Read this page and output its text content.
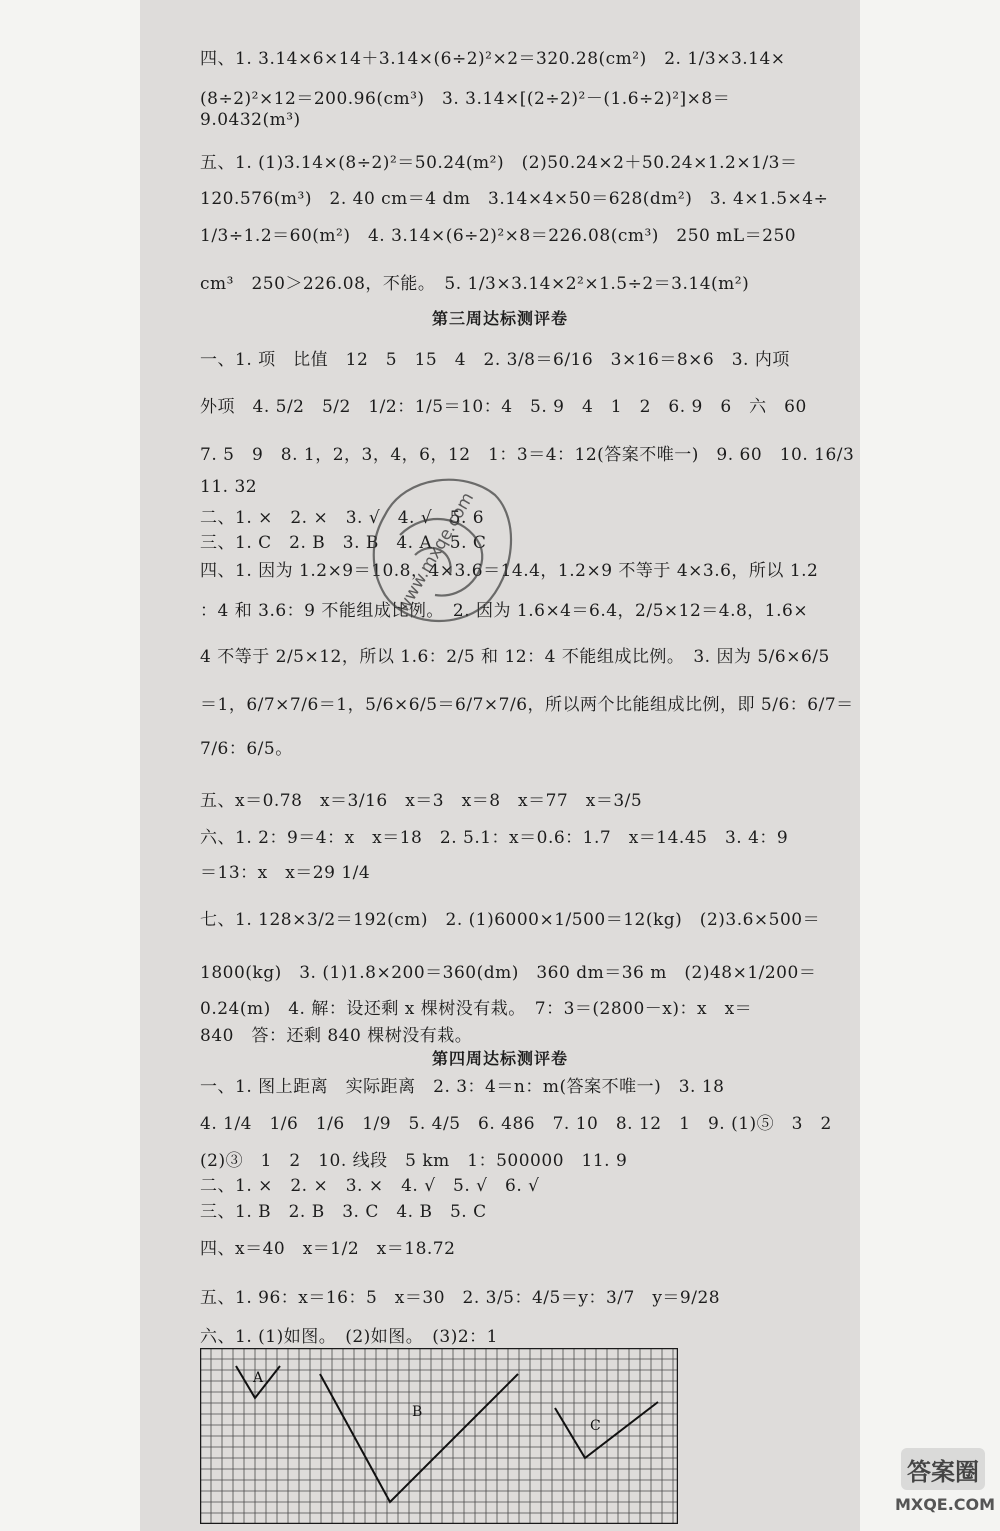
四、1. 3.14×6×14＋3.14×(6÷2)²×2＝320.28(cm²)　2. 1/3×3.14×
(8÷2)²×12＝200.96(cm³)　3. 3.14×[(2÷2)²－(1.6÷2)²]×8＝
9.0432(m³)
五、1. (1)3.14×(8÷2)²＝50.24(m²)　(2)50.24×2＋50.24×1.2×1/3＝
120.576(m³)　2. 40 cm＝4 dm　3.14×4×50＝628(dm²)　3. 4×1.5×4÷
1/3÷1.2＝60(m²)　4. 3.14×(6÷2)²×8＝226.08(cm³)　250 mL＝250
cm³　250＞226.08，不能。　5. 1/3×3.14×2²×1.5÷2＝3.14(m²)
第三周达标测评卷
一、1. 项　比值　12　5　15　4　2. 3/8＝6/16　3×16＝8×6　3. 内项
外项　4. 5/2　5/2　1/2：1/5＝10：4　5. 9　4　1　2　6. 9　6　六　60
7. 5　9　8. 1，2，3，4，6，12　1：3＝4：12(答案不唯一)　9. 60　10. 16/3
11. 32
二、1. ×　2. ×　3. √　4. √　5. 6
三、1. C　2. B　3. B　4. A　5. C
四、1. 因为 1.2×9＝10.8，4×3.6＝14.4，1.2×9 不等于 4×3.6，所以 1.2
：4 和 3.6：9 不能组成比例。　2. 因为 1.6×4＝6.4，2/5×12＝4.8，1.6×
4 不等于 2/5×12，所以 1.6：2/5 和 12：4 不能组成比例。　3. 因为 5/6×6/5
＝1，6/7×7/6＝1，5/6×6/5＝6/7×7/6，所以两个比能组成比例，即 5/6：6/7＝
7/6：6/5。
五、x＝0.78　x＝3/16　x＝3　x＝8　x＝77　x＝3/5
六、1. 2：9＝4：x　x＝18　2. 5.1：x＝0.6：1.7　x＝14.45　3. 4：9
＝13：x　x＝29 1/4
七、1. 128×3/2＝192(cm)　2. (1)6000×1/500＝12(kg)　(2)3.6×500＝
1800(kg)　3. (1)1.8×200＝360(dm)　360 dm＝36 m　(2)48×1/200＝
0.24(m)　4. 解：设还剩 x 棵树没有栽。　7：3＝(2800－x)：x　x＝
840　答：还剩 840 棵树没有栽。
第四周达标测评卷
一、1. 图上距离　实际距离　2. 3：4＝n：m(答案不唯一)　3. 18
4. 1/4　1/6　1/6　1/9　5. 4/5　6. 486　7. 10　8. 12　1　9. (1)⑤　3　2
(2)③　1　2　10. 线段　5 km　1：500000　11. 9
二、1. ×　2. ×　3. ×　4. √　5. √　6. √
三、1. B　2. B　3. C　4. B　5. C
四、x＝40　x＝1/2　x＝18.72
五、1. 96：x＝16：5　x＝30　2. 3/5：4/5＝y：3/7　y＝9/28
六、1. (1)如图。　(2)如图。　(3)2：1
A
B
C
www.mxqe.com
答案圈
MXQE.COM
